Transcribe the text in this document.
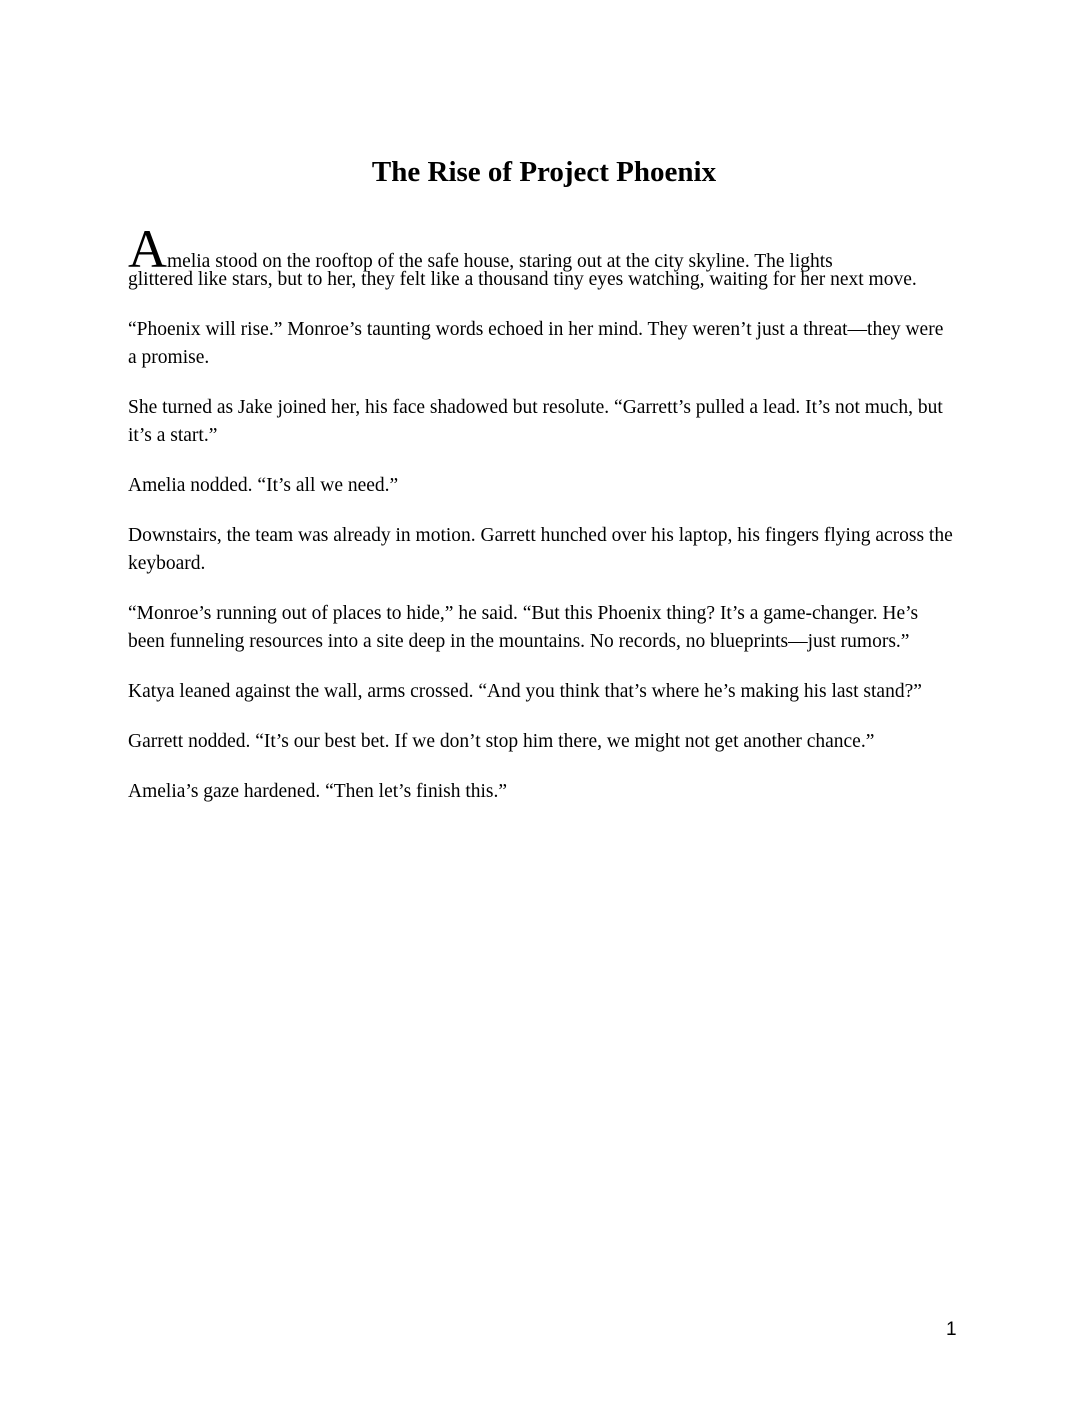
The Rise of Project Phoenix

Amelia stood on the rooftop of the safe house, staring out at the city skyline. The lights
glittered like stars, but to her, they felt like a thousand tiny eyes watching, waiting for her next move.

“Phoenix will rise.” Monroe’s taunting words echoed in her mind. They weren’t just a threat—they were a promise.

She turned as Jake joined her, his face shadowed but resolute. “Garrett’s pulled a lead. It’s not much, but it’s a start.”

Amelia nodded. “It’s all we need.”

Downstairs, the team was already in motion. Garrett hunched over his laptop, his fingers flying across the keyboard.

“Monroe’s running out of places to hide,” he said. “But this Phoenix thing? It’s a game-changer. He’s been funneling resources into a site deep in the mountains. No records, no blueprints—just rumors.”

Katya leaned against the wall, arms crossed. “And you think that’s where he’s making his last stand?”

Garrett nodded. “It’s our best bet. If we don’t stop him there, we might not get another chance.”

Amelia’s gaze hardened. “Then let’s finish this.”

1
